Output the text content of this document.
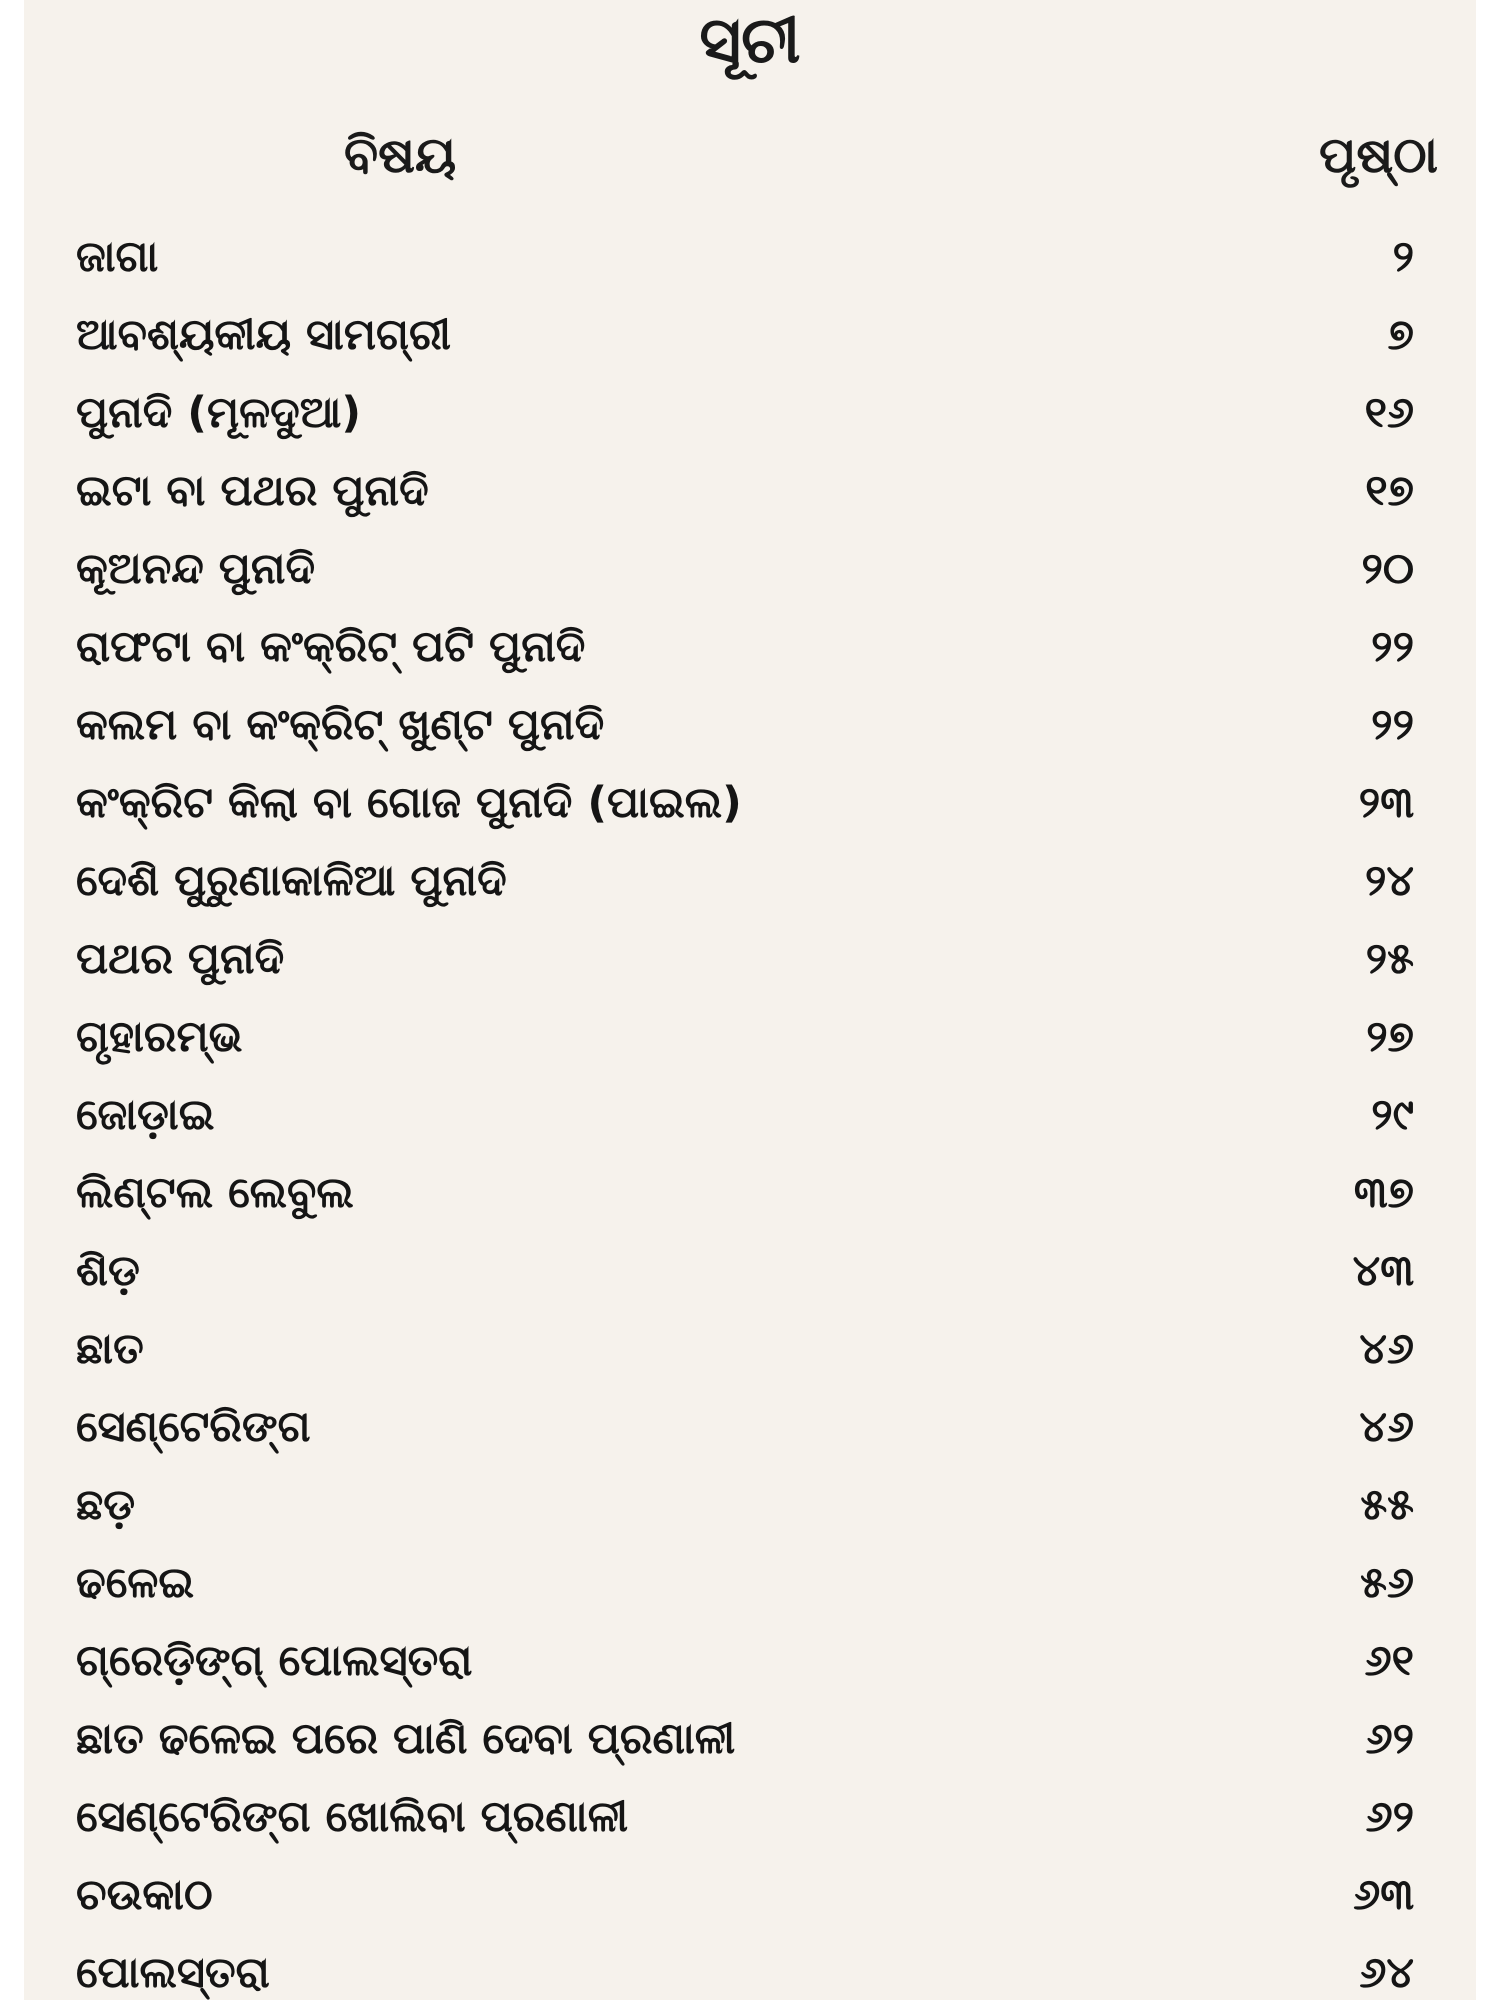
ସୂଚୀ
ବିଷୟ	ପୃଷ୍ଠା
ଜାଗା	୨
ଆବଶ୍ୟକୀୟ ସାମଗ୍ରୀ	୭
ପୁନାଦି (ମୂଳଦୁଆ)	୧୬
ଇଟା ବା ପଥର ପୁନାଦି	୧୭
କୂଅନନ୍ଦ ପୁନାଦି	୨୦
ରାଫଟା ବା କଂକ୍ରିଟ୍ ପଟି ପୁନାଦି	୨୨
କଲମ ବା କଂକ୍ରିଟ୍ ଖୁଣ୍ଟ ପୁନାଦି	୨୨
କଂକ୍ରିଟ କିଲା ବା ଗୋଜ ପୁନାଦି (ପାଇଲ)	୨୩
ଦେଶି ପୁରୁଣାକାଳିଆ ପୁନାଦି	୨୪
ପଥର ପୁନାଦି	୨୫
ଗୃହାରମ୍ଭ	୨୭
ଜୋଡ଼ାଇ	୨୯
ଲିଣ୍ଟଲ ଲେବୁଲ	୩୭
ଶିଡ଼	୪୩
ଛାତ	୪୬
ସେଣ୍ଟେରିଙ୍ଗ	୪୬
ଛଡ଼	୫୫
ଢଳେଇ	୫୬
ଗ୍ରେଡ଼ିଙ୍ଗ୍ ପୋଲସ୍ତରା	୬୧
ଛାତ ଢଳେଇ ପରେ ପାଣି ଦେବା ପ୍ରଣାଳୀ	୬୨
ସେଣ୍ଟେରିଙ୍ଗ ଖୋଲିବା ପ୍ରଣାଳୀ	୬୨
ଚଉକାଠ	୬୩
ପୋଲସ୍ତରା	୬୪
